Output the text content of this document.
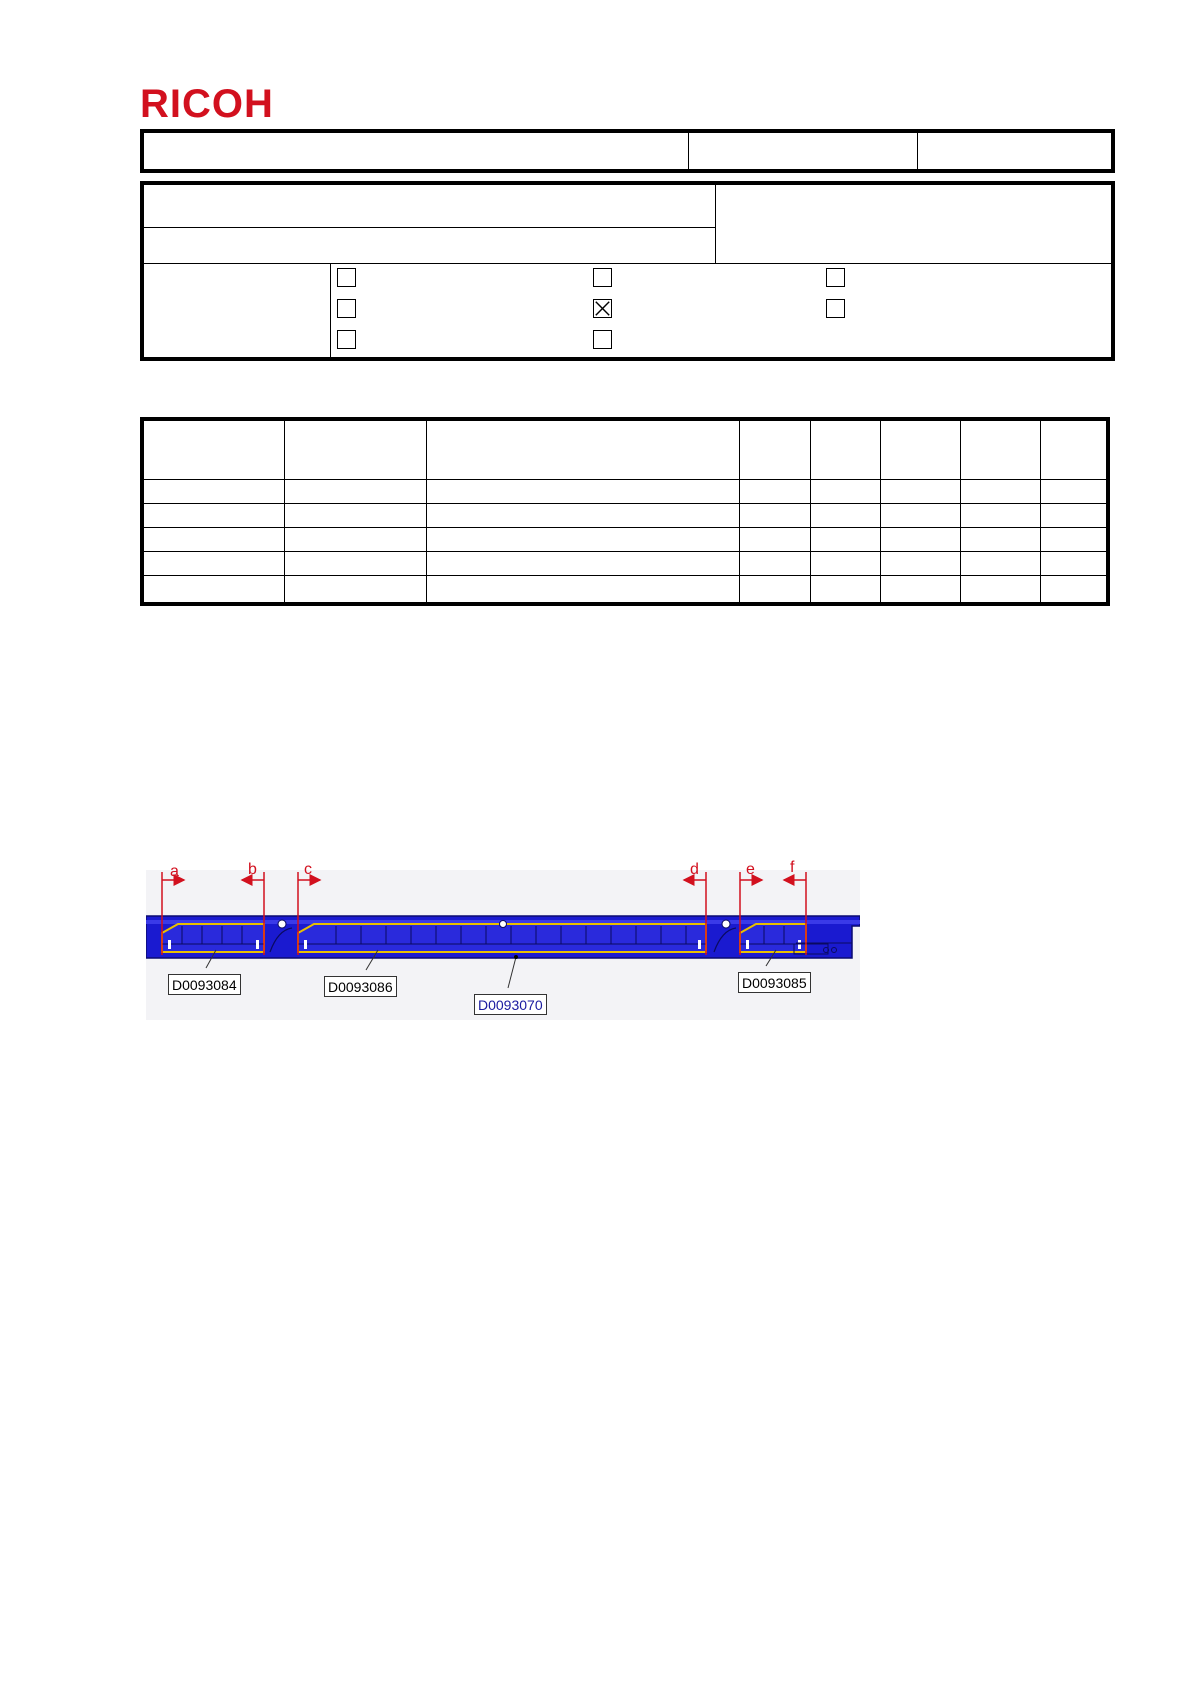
RICOH
a	b	c	d	e f
D0093084	D0093086
D0093070
D0093085
